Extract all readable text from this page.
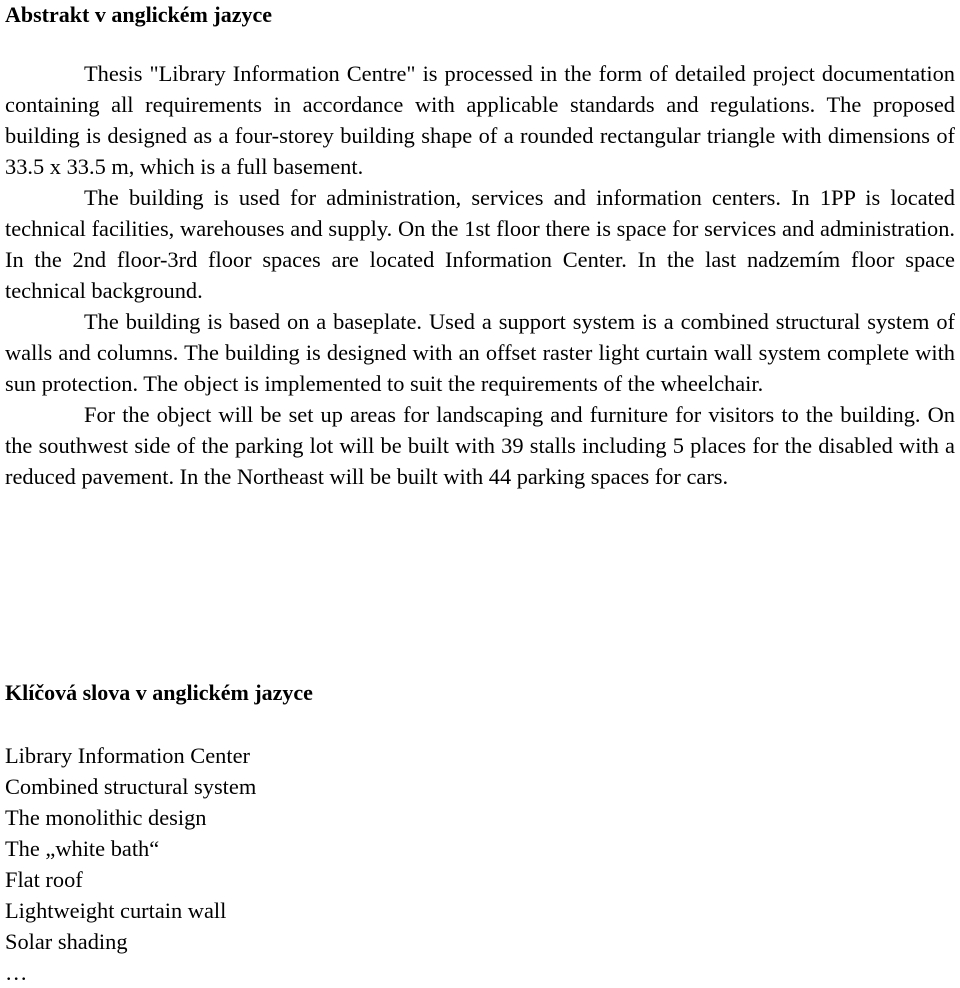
Abstrakt v anglickém jazyce

Thesis "Library Information Centre" is processed in the form of detailed project documentation containing all requirements in accordance with applicable standards and regulations. The proposed building is designed as a four-storey building shape of a rounded rectangular triangle with dimensions of 33.5 x 33.5 m, which is a full basement.

The building is used for administration, services and information centers. In 1PP is located technical facilities, warehouses and supply. On the 1st floor there is space for services and administration. In the 2nd floor-3rd floor spaces are located Information Center. In the last nadzemím floor space technical background.

The building is based on a baseplate. Used a support system is a combined structural system of walls and columns. The building is designed with an offset raster light curtain wall system complete with sun protection. The object is implemented to suit the requirements of the wheelchair.

For the object will be set up areas for landscaping and furniture for visitors to the building. On the southwest side of the parking lot will be built with 39 stalls including 5 places for the disabled with a reduced pavement. In the Northeast will be built with 44 parking spaces for cars.

Klíčová slova v anglickém jazyce
Library Information Center
Combined structural system
The monolithic design
The „white bath“
Flat roof
Lightweight curtain wall
Solar shading
…
